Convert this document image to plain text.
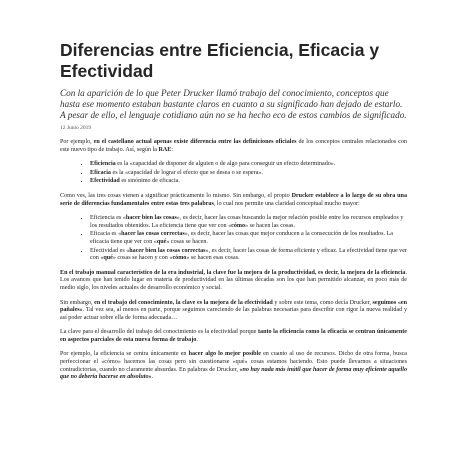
Diferencias entre Eficiencia, Eficacia y Efectividad

Con la aparición de lo que Peter Drucker llamó trabajo del conocimiento, conceptos que hasta ese momento estaban bastante claros en cuanto a su significado han dejado de estarlo. A pesar de ello, el lenguaje cotidiano aún no se ha hecho eco de estos cambios de significado.

12 Junio 2019

Por ejemplo, en el castellano actual apenas existe diferencia entre las definiciones oficiales de los conceptos centrales relacionados con este nuevo tipo de trabajo. Así, según la RAE:

• Eficiencia es la «capacidad de disponer de alguien o de algo para conseguir un efecto determinado».
• Eficacia es la «capacidad de lograr el efecto que se desea o se espera».
• Efectividad es sinónimo de eficacia.

Como ves, las tres cosas vienen a significar prácticamente lo mismo. Sin embargo, el propio Drucker establece a lo largo de su obra una serie de diferencias fundamentales entre estas tres palabras, lo cual nos permite una claridad conceptual mucho mayor:

• Eficiencia es «hacer bien las cosas», es decir, hacer las cosas buscando la mejor relación posible entre los recursos empleados y los resultados obtenidos. La eficiencia tiene que ver con «cómo» se hacen las cosas.
• Eficacia es «hacer las cosas correctas», es decir, hacer las cosas que mejor conducen a la consecución de los resultados. La eficacia tiene que ver con «qué» cosas se hacen.
• Efectividad es «hacer bien las cosas correctas», es decir, hacer las cosas de forma eficiente y eficaz. La efectividad tiene que ver con «qué» cosas se hacen y con «cómo» se hacen esas cosas.

En el trabajo manual característico de la era industrial, la clave fue la mejora de la productividad, es decir, la mejora de la eficiencia. Los avances que han tenido lugar en materia de productividad en las últimas décadas son los que han permitido alcanzar, en poco más de medio siglo, los niveles actuales de desarrollo económico y social.

Sin embargo, en el trabajo del conocimiento, la clave es la mejora de la efectividad y sobre este tema, como decía Drucker, seguimos «en pañales». Tal vez sea, al menos en parte, porque seguimos careciendo de las palabras necesarias para describir con rigor la nueva realidad y así poder actuar sobre ella de forma adecuada…

La clave para el desarrollo del trabajo del conocimiento es la efectividad porque tanto la eficiencia como la eficacia se centran únicamente en aspectos parciales de esta nueva forma de trabajo.

Por ejemplo, la eficiencia se centra únicamente en hacer algo lo mejor posible en cuanto al uso de recursos. Dicho de otra forma, busca perfeccionar el «cómo» hacemos las cosas pero sin cuestionarse «qué» cosas estamos haciendo. Esto puede llevarnos a situaciones contradictorias, cuando no claramente absurdas. En palabras de Drucker, «no hay nada más inútil que hacer de forma muy eficiente aquello que no debería hacerse en absoluto».
